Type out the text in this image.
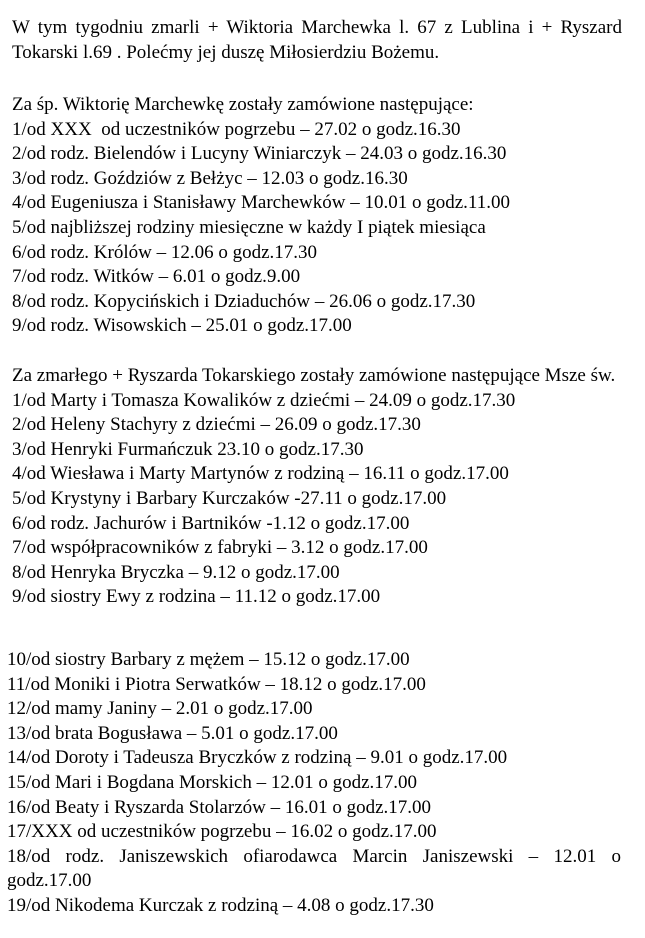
W tym tygodniu zmarli + Wiktoria Marchewka l. 67 z Lublina i + Ryszard Tokarski l.69 . Polećmy jej duszę Miłosierdziu Bożemu.

Za śp. Wiktorię Marchewkę zostały zamówione następujące:
1/od XXX  od uczestników pogrzebu – 27.02 o godz.16.30
2/od rodz. Bielendów i Lucyny Winiarczyk – 24.03 o godz.16.30
3/od rodz. Goździów z Bełżyc – 12.03 o godz.16.30
4/od Eugeniusza i Stanisławy Marchewków – 10.01 o godz.11.00
5/od najbliższej rodziny miesięczne w każdy I piątek miesiąca
6/od rodz. Królów – 12.06 o godz.17.30
7/od rodz. Witków – 6.01 o godz.9.00
8/od rodz. Kopycińskich i Dziaduchów – 26.06 o godz.17.30
9/od rodz. Wisowskich – 25.01 o godz.17.00
Za zmarłego + Ryszarda Tokarskiego zostały zamówione następujące Msze św.
1/od Marty i Tomasza Kowalików z dziećmi – 24.09 o godz.17.30
2/od Heleny Stachyry z dziećmi – 26.09 o godz.17.30
3/od Henryki Furmańczuk 23.10 o godz.17.30
4/od Wiesława i Marty Martynów z rodziną – 16.11 o godz.17.00
5/od Krystyny i Barbary Kurczaków -27.11 o godz.17.00
6/od rodz. Jachurów i Bartników -1.12 o godz.17.00
7/od współpracowników z fabryki – 3.12 o godz.17.00
8/od Henryka Bryczka – 9.12 o godz.17.00
9/od siostry Ewy z rodzina – 11.12 o godz.17.00
10/od siostry Barbary z mężem – 15.12 o godz.17.00
11/od Moniki i Piotra Serwatków – 18.12 o godz.17.00
12/od mamy Janiny – 2.01 o godz.17.00
13/od brata Bogusława – 5.01 o godz.17.00
14/od Doroty i Tadeusza Bryczków z rodziną – 9.01 o godz.17.00
15/od Mari i Bogdana Morskich – 12.01 o godz.17.00
16/od Beaty i Ryszarda Stolarzów – 16.01 o godz.17.00
17/XXX od uczestników pogrzebu – 16.02 o godz.17.00
18/od rodz. Janiszewskich ofiarodawca Marcin Janiszewski – 12.01 o godz.17.00
19/od Nikodema Kurczak z rodziną – 4.08 o godz.17.30
